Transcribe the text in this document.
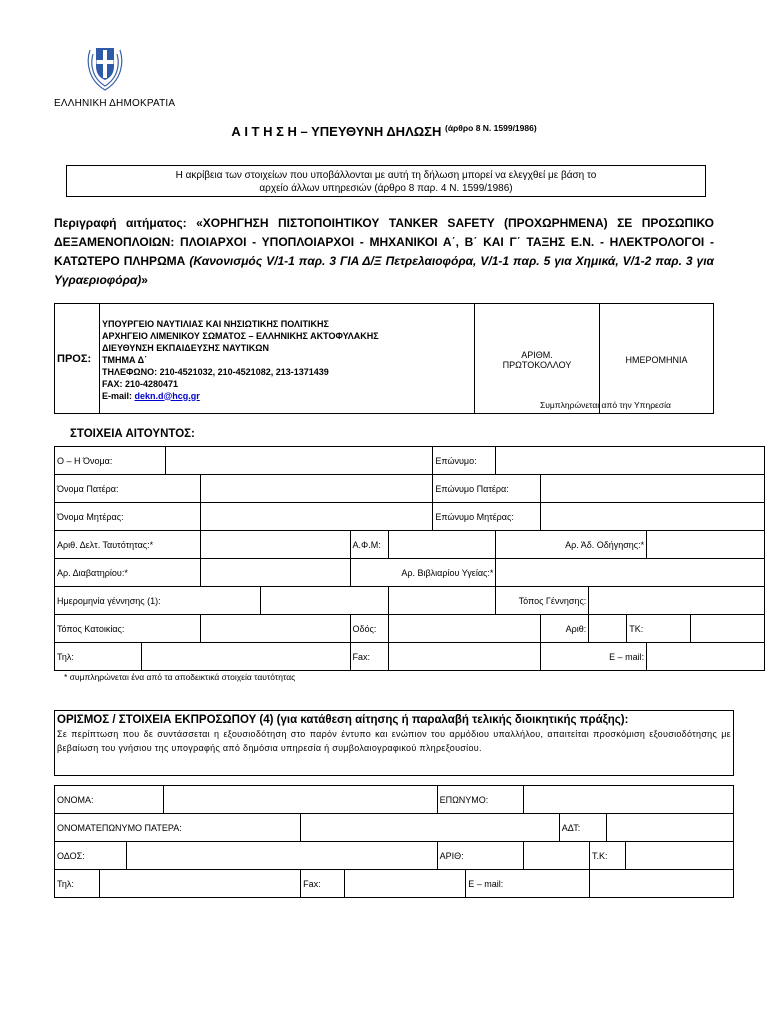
ΕΛΛΗΝΙΚΗ ΔΗΜΟΚΡΑΤΙΑ
Α Ι Τ Η Σ Η – ΥΠΕΥΘΥΝΗ ΔΗΛΩΣΗ $^{(ά\rho\theta\rho o 8 N. 1599/1986)}$
Η ακρίβεια των στοιχείων που υποβάλλονται με αυτή τη δήλωση μπορεί να ελεγχθεί με βάση το
αρχείο άλλων υπηρεσιών (άρθρο 8 παρ. 4 Ν. 1599/1986)
Περιγραφή αιτήματος: «ΧΟΡΗΓΗΣΗ ΠΙΣΤΟΠΟΙΗΤΙΚΟΥ TANKER SAFETY (ΠΡΟΧΩΡΗΜΕΝΑ) ΣΕ ΠΡΟΣΩΠΙΚΟ ΔΕΞΑΜΕΝΟΠΛΟΙΩΝ: ΠΛΟΙΑΡΧΟΙ - ΥΠΟΠΛΟΙΑΡΧΟΙ - ΜΗΧΑΝΙΚΟΙ Α΄, Β΄ ΚΑΙ Γ΄ ΤΑΞΗΣ Ε.Ν. - ΗΛΕΚΤΡΟΛΟΓΟΙ - ΚΑΤΩΤΕΡΟ ΠΛΗΡΩΜΑ (Κανονισμός V/1-1 παρ. 3 ΓΙΑ Δ/Ξ Πετρελαιοφόρα, V/1-1 παρ. 5 για Χημικά, V/1-2 παρ. 3 για Υγραεριοφόρα)»
ΠΡΟΣ:	
ΥΠΟΥΡΓΕΙΟ ΝΑΥΤΙΛΙΑΣ ΚΑΙ ΝΗΣΙΩΤΙΚΗΣ ΠΟΛΙΤΙΚΗΣ
ΑΡΧΗΓΕΙΟ ΛΙΜΕΝΙΚΟΥ ΣΩΜΑΤΟΣ – ΕΛΛΗΝΙΚΗΣ ΑΚΤΟΦΥΛΑΚΗΣ
ΔΙΕΥΘΥΝΣΗ ΕΚΠΑΙΔΕΥΣΗΣ ΝΑΥΤΙΚΩΝ
ΤΜΗΜΑ Δ΄
ΤΗΛΕΦΩΝΟ: 210-4521032, 210-4521082, 213-1371439
FAX: 210-4280471
E-mail: dekn.d@hcg.gr

ΑΡΙΘΜ.
ΠΡΩΤΟΚΟΛΛΟΥ	ΗΜΕΡΟΜΗΝΙΑ
Συμπληρώνεται από την Υπηρεσία
ΣΤΟΙΧΕΙΑ ΑΙΤΟΥΝΤΟΣ:
Ο – Η Όνομα:							Επώνυμο:						
Όνομα Πατέρα:							Επώνυμο Πατέρα:						
Όνομα Μητέρας:							Επώνυμο Μητέρας:						
Αριθ. Δελτ. Ταυτότητας:*					Α.Φ.Μ:			Αρ. Άδ. Οδήγησης:*					
Αρ. Διαβατηρίου:*					Αρ. Βιβλιαρίου Υγείας:*								
Ημερομηνία γέννησης (1):								Τόπος Γέννησης:					
Τόπος Κατοικίας:					Οδός:				Αριθ:		ΤΚ:		
Τηλ:					Fax:				E – mail:				
* συμπληρώνεται ένα από τα αποδεικτικά στοιχεία ταυτότητας
ΟΡΙΣΜΟΣ / ΣΤΟΙΧΕΙΑ ΕΚΠΡΟΣΩΠΟΥ (4) (για κατάθεση αίτησης ή παραλαβή τελικής διοικητικής πράξης):
Σε περίπτωση που δε συντάσσεται η εξουσιοδότηση στο παρόν έντυπο και ενώπιον του αρμόδιου υπαλλήλου, απαιτείται προσκόμιση εξουσιοδότησης με βεβαίωση του γνήσιου της υπογραφής από δημόσια υπηρεσία ή συμβολαιογραφικού πληρεξουσίου.
ΟΝΟΜΑ:						ΕΠΩΝΥΜΟ:						
ΟΝΟΜΑΤΕΠΩΝΥΜΟ ΠΑΤΕΡΑ:									ΑΔΤ:			
ΟΔΟΣ:						ΑΡΙΘ:				Τ.Κ:		
Τηλ:				Fax:			Ε – mail:					
